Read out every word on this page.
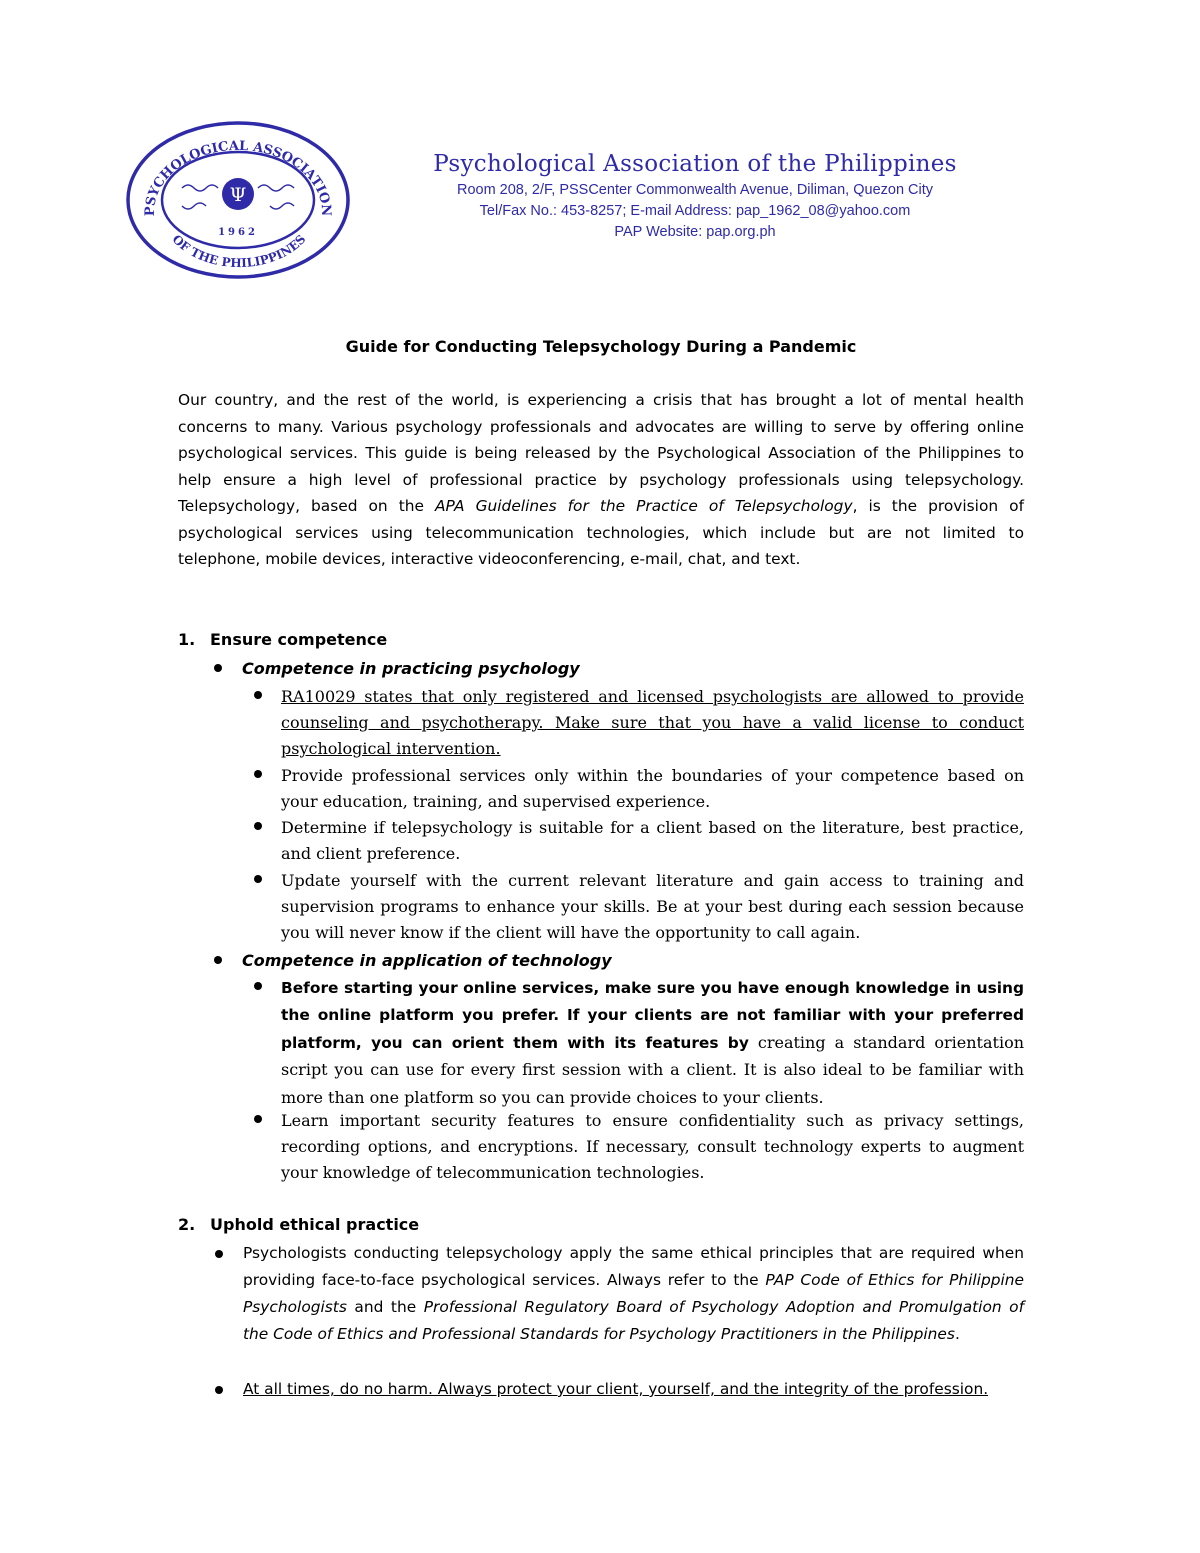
PSYCHOLOGICAL ASSOCIATION
OF THE PHILIPPINES
Ψ
1962
Psychological Association of the Philippines
Room 208, 2/F, PSSCenter Commonwealth Avenue, Diliman, Quezon City
Tel/Fax No.: 453-8257; E-mail Address: pap_1962_08@yahoo.com
PAP Website: pap.org.ph
Guide for Conducting Telepsychology During a Pandemic
Our country, and the rest of the world, is experiencing a crisis that has brought a lot of mental health concerns to many. Various psychology professionals and advocates are willing to serve by offering online psychological services. This guide is being released by the Psychological Association of the Philippines to help ensure a high level of professional practice by psychology professionals using telepsychology. Telepsychology, based on the APA Guidelines for the Practice of Telepsychology, is the provision of psychological services using telecommunication technologies, which include but are not limited to telephone, mobile devices, interactive videoconferencing, e-mail, chat, and text.
1. Ensure competence
Competence in practicing psychology
RA10029 states that only registered and licensed psychologists are allowed to provide counseling and psychotherapy. Make sure that you have a valid license to conduct psychological intervention.
Provide professional services only within the boundaries of your competence based on your education, training, and supervised experience.
Determine if telepsychology is suitable for a client based on the literature, best practice, and client preference.
Update yourself with the current relevant literature and gain access to training and supervision programs to enhance your skills. Be at your best during each session because you will never know if the client will have the opportunity to call again.
Competence in application of technology
Before starting your online services, make sure you have enough knowledge in using the online platform you prefer. If your clients are not familiar with your preferred platform, you can orient them with its features by creating a standard orientation script you can use for every first session with a client. It is also ideal to be familiar with more than one platform so you can provide choices to your clients.
Learn important security features to ensure confidentiality such as privacy settings, recording options, and encryptions. If necessary, consult technology experts to augment your knowledge of telecommunication technologies.
2. Uphold ethical practice
Psychologists conducting telepsychology apply the same ethical principles that are required when providing face-to-face psychological services. Always refer to the PAP Code of Ethics for Philippine Psychologists and the Professional Regulatory Board of Psychology Adoption and Promulgation of the Code of Ethics and Professional Standards for Psychology Practitioners in the Philippines.
At all times, do no harm. Always protect your client, yourself, and the integrity of the profession.
